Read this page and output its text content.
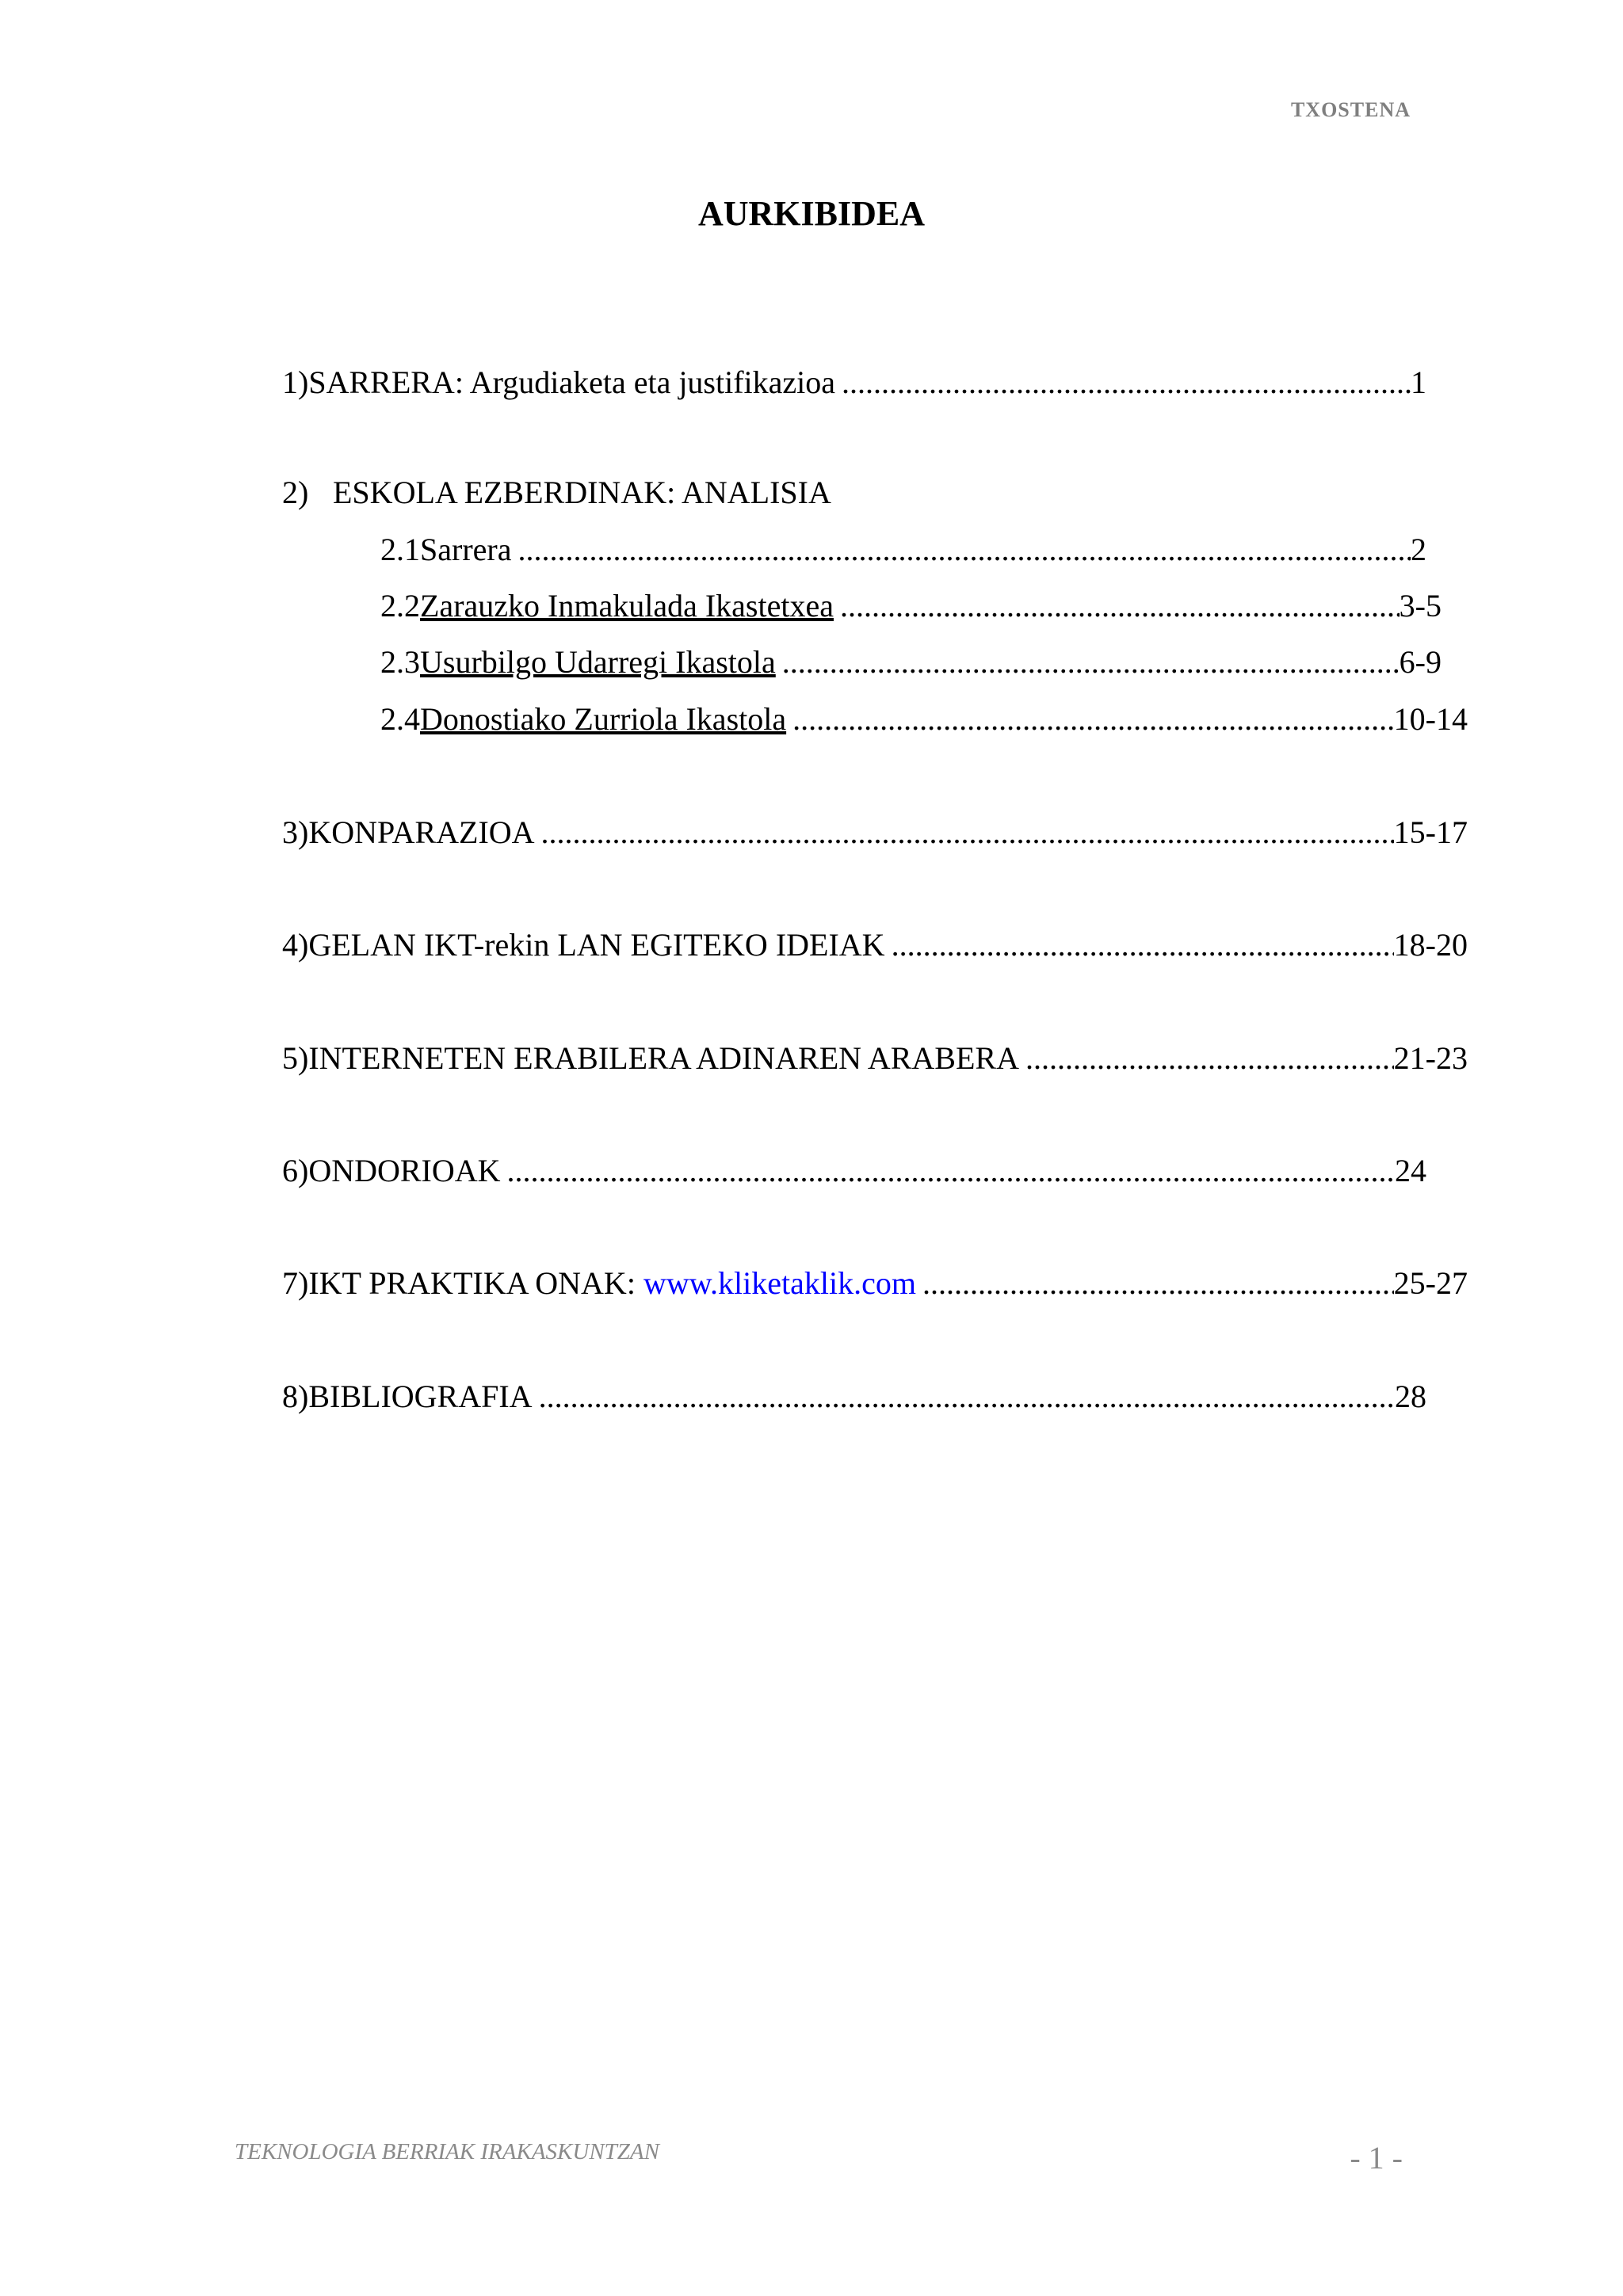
TXOSTENA
AURKIBIDEA
1) SARRERA: Argudiaketa eta justifikazioa .....	1
2) ESKOLA EZBERDINAK: ANALISIA
2.1 Sarrera .....	2
2.2 Zarauzko Inmakulada Ikastetxea .....	3-5
2.3 Usurbilgo Udarregi Ikastola .....	6-9
2.4 Donostiako Zurriola Ikastola .....	10-14
3) KONPARAZIOA .....	15-17
4) GELAN IKT-rekin LAN EGITEKO IDEIAK .....	18-20
5) INTERNETEN ERABILERA ADINAREN ARABERA .....	21-23
6) ONDORIOAK .....	24
7) IKT PRAKTIKA ONAK: www.kliketaklik.com .....	25-27
8) BIBLIOGRAFIA .....	28
TEKNOLOGIA BERRIAK IRAKASKUNTZAN	- 1 -
